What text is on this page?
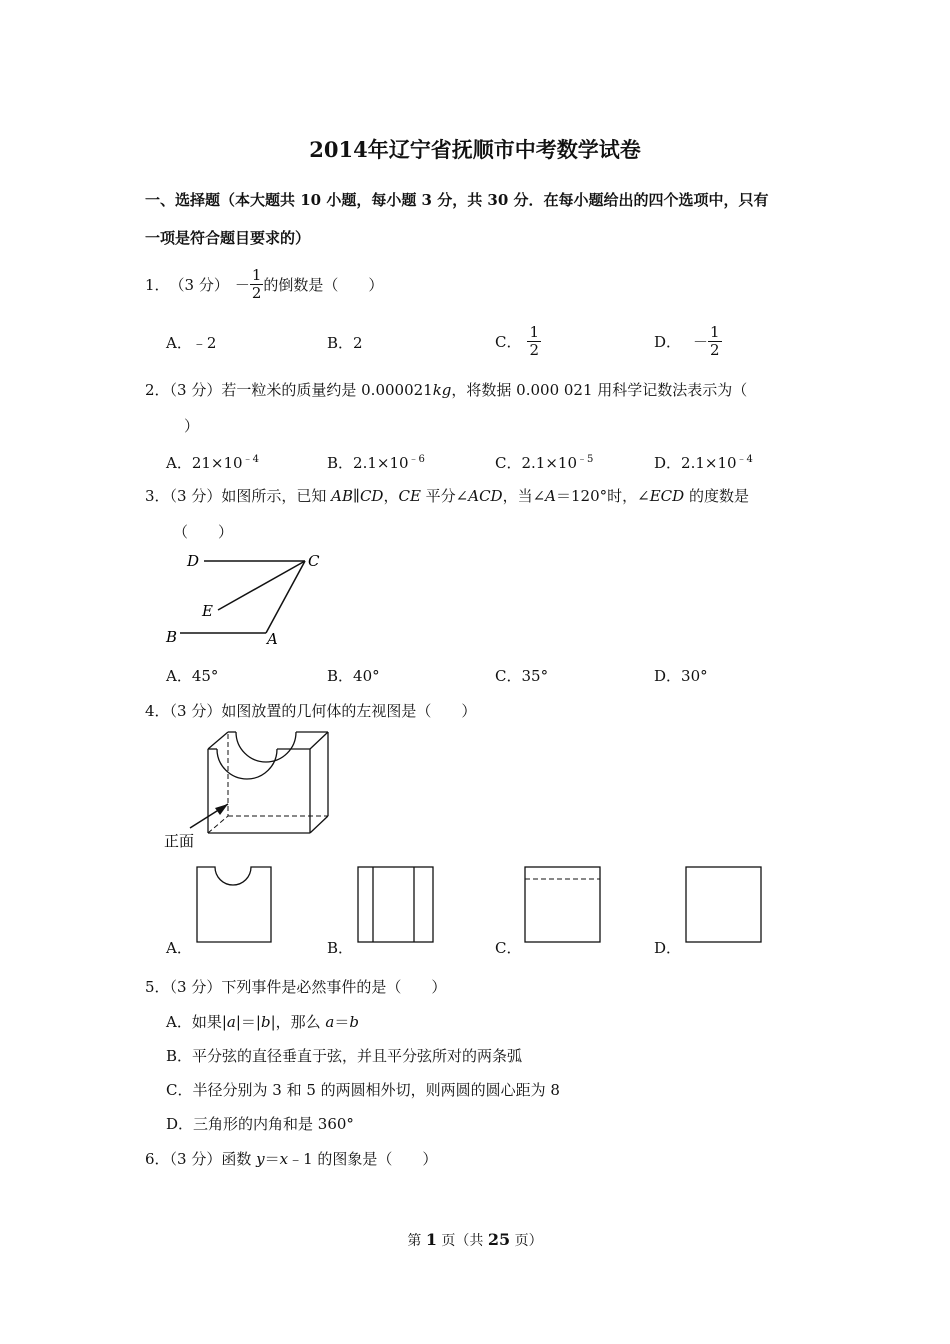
2014年辽宁省抚顺市中考数学试卷
一、选择题（本大题共 10 小题，每小题 3 分，共 30 分．在每小题给出的四个选项中，只有
一项是符合题目要求的）
1． （3 分） － $\frac{1}{2}$ 的倒数是（　　）
A．﹣2	B．2	C． $\frac{1}{2}$	D． － $\frac{1}{2}$
2．（3 分）若一粒米的质量约是 0.000021kg，将数据 0.000 021 用科学记数法表示为（
）
A．$21\times 10^{﹣4}$	B．$2.1\times 10^{﹣6}$	C．$2.1\times 10^{﹣5}$	D．$2.1\times 10^{﹣4}$
3．（3 分）如图所示，已知 AB∥CD，CE 平分∠ACD，当∠A＝120°时，∠ECD 的度数是
（　　）
D	C
E
B	A
A．45°	B．40°	C．35°	D．30°
4．（3 分）如图放置的几何体的左视图是（　　）
正面
A．	B．	C．	D．
5．（3 分）下列事件是必然事件的是（　　）
A．如果|a|＝|b|，那么 a＝b
B．平分弦的直径垂直于弦，并且平分弦所对的两条弧
C．半径分别为 3 和 5 的两圆相外切，则两圆的圆心距为 8
D．三角形的内角和是 360°
6．（3 分）函数 y＝x﹣1 的图象是（　　）
第 1 页（共 25 页）
